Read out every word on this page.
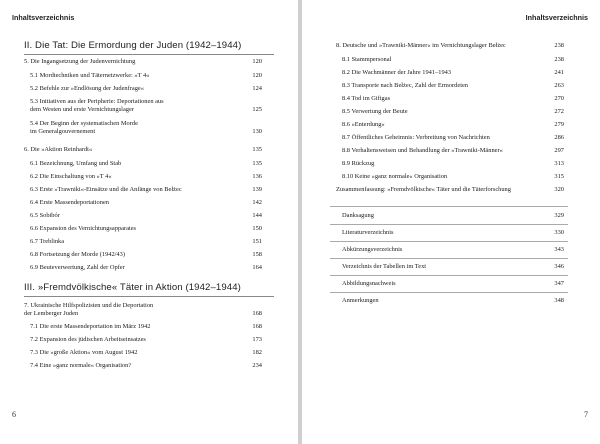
Inhaltsverzeichnis
II. Die Tat: Die Ermordung der Juden (1942–1944)
5. Die Ingangsetzung der Judenvernichtung	120
5.1 Mordtechniken und Täternetzwerke: »T 4«	120
5.2 Befehle zur »Endlösung der Judenfrage«	124
5.3 Initiativen aus der Peripherie: Deportationen aus
dem Westen und erste Vernichtungslager	125
5.4 Der Beginn der systematischen Morde
im Generalgouvernement	130
6. Die »Aktion Reinhardt«	135
6.1 Bezeichnung, Umfang und Stab	135
6.2 Die Einschaltung von »T 4«	136
6.3 Erste »Trawniki«-Einsätze und die Anfänge von Bełżec	139
6.4 Erste Massendeportationen	142
6.5 Sobibór	144
6.6 Expansion des Vernichtungsapparates	150
6.7 Treblinka	151
6.8 Fortsetzung der Morde (1942/43)	158
6.9 Beuteverwertung, Zahl der Opfer	164
III. »Fremdvölkische« Täter in Aktion (1942–1944)
7. Ukrainische Hilfspolizisten und die Deportation
der Lemberger Juden	168
7.1 Die erste Massendeportation im März 1942	168
7.2 Expansion des jüdischen Arbeitseinsatzes	173
7.3 Die »große Aktion« vom August 1942	182
7.4 Eine »ganz normale« Organisation?	234
6
Inhaltsverzeichnis
8. Deutsche und »Trawniki-Männer« im Vernichtungslager Bełżec	238
8.1 Stammpersonal	238
8.2 Die Wachmänner der Jahre 1941–1943	241
8.3 Transporte nach Bełżec, Zahl der Ermordeten	263
8.4 Tod im Giftgas	270
8.5 Verwertung der Beute	272
8.6 »Enterdung«	279
8.7 Öffentliches Geheimnis: Verbreitung von Nachrichten	286
8.8 Verhaltensweisen und Behandlung der »Trawniki-Männer«	297
8.9 Rückzug	313
8.10 Keine »ganz normale« Organisation	315
Zusammenfassung: »Fremdvölkische« Täter und die Täterforschung	320
Danksagung	329
Literaturverzeichnis	330
Abkürzungsverzeichnis	343
Verzeichnis der Tabellen im Text	346
Abbildungsnachweis	347
Anmerkungen	348
7
